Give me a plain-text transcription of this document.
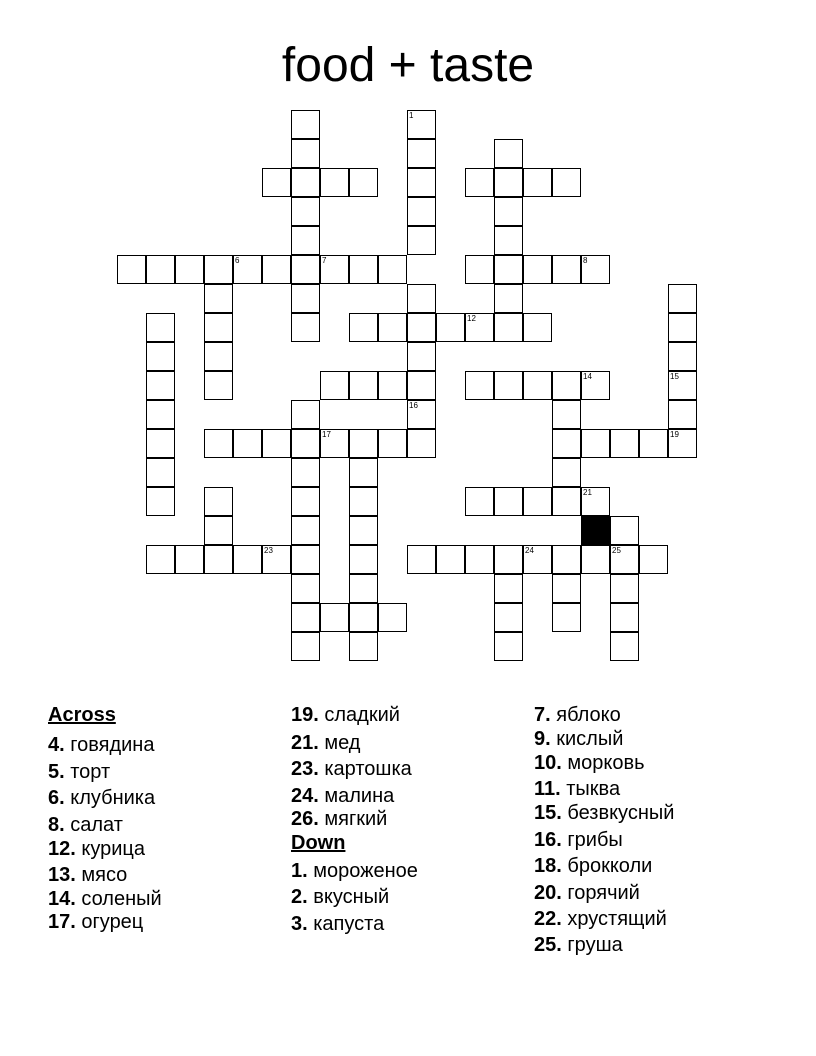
food + taste
1
6	7	8
12
14	15
16
17	19
21
23	24	25
Across
4. говядина
5. торт
6. клубника
8. салат
12. курица
13. мясо
14. соленый
17. огурец
19. сладкий
21. мед
23. картошка
24. малина
26. мягкий
Down
1. мороженое
2. вкусный
3. капуста
7. яблоко
9. кислый
10. морковь
11. тыква
15. безвкусный
16. грибы
18. брокколи
20. горячий
22. хрустящий
25. груша
